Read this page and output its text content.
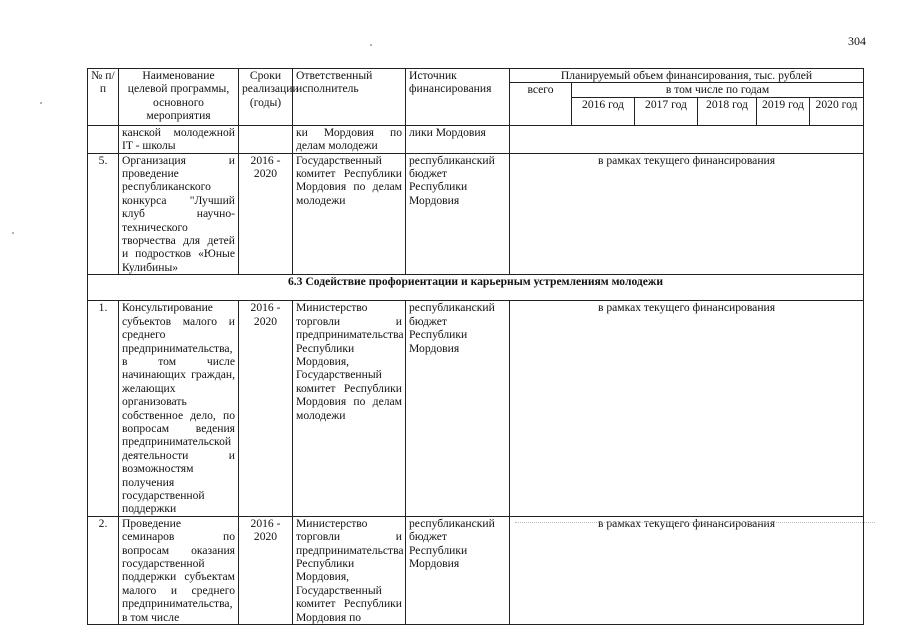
304
№ п/п	Наименование целевой программы, основного мероприятия	Сроки реализации (годы)	Ответственный исполнитель	Источник финансирования	Планируемый объем финансирования, тыс. рублей					
					всего	в том числе по годам				
						2016 год	2017 год	2018 год	2019 год	2020 год
	канской молодежной IT - школы		ки Мордовия по делам молодежи	лики Мордовия						
5.	Организация и проведение республиканского конкурса "Лучший клуб научно-технического творчества для детей и подростков «Юные Кулибины»	2016 - 2020	Государственный комитет Республики Мордовия по делам молодежи	республиканский бюджет Республики Мордовия	в рамках текущего финансирования					
6.3 Содействие профориентации и карьерным устремлениям молодежи										
1.	Консультирование субъектов малого и среднего предпринимательства, в том числе начинающих граждан, желающих организовать собственное дело, по вопросам ведения предпринимательской деятельности и возможностям получения государственной поддержки	2016 - 2020	Министерство торговли и предпринимательства Республики Мордовия, Государственный комитет Республики Мордовия по делам молодежи	республиканский бюджет Республики Мордовия	в рамках текущего финансирования					
2.	Проведение семинаров по вопросам оказания государственной поддержки субъектам малого и среднего предпринимательства, в том числе	2016 - 2020	Министерство торговли и предпринимательства Республики Мордовия, Государственный комитет Республики Мордовия по	республиканский бюджет Республики Мордовия	в рамках текущего финансирования					
